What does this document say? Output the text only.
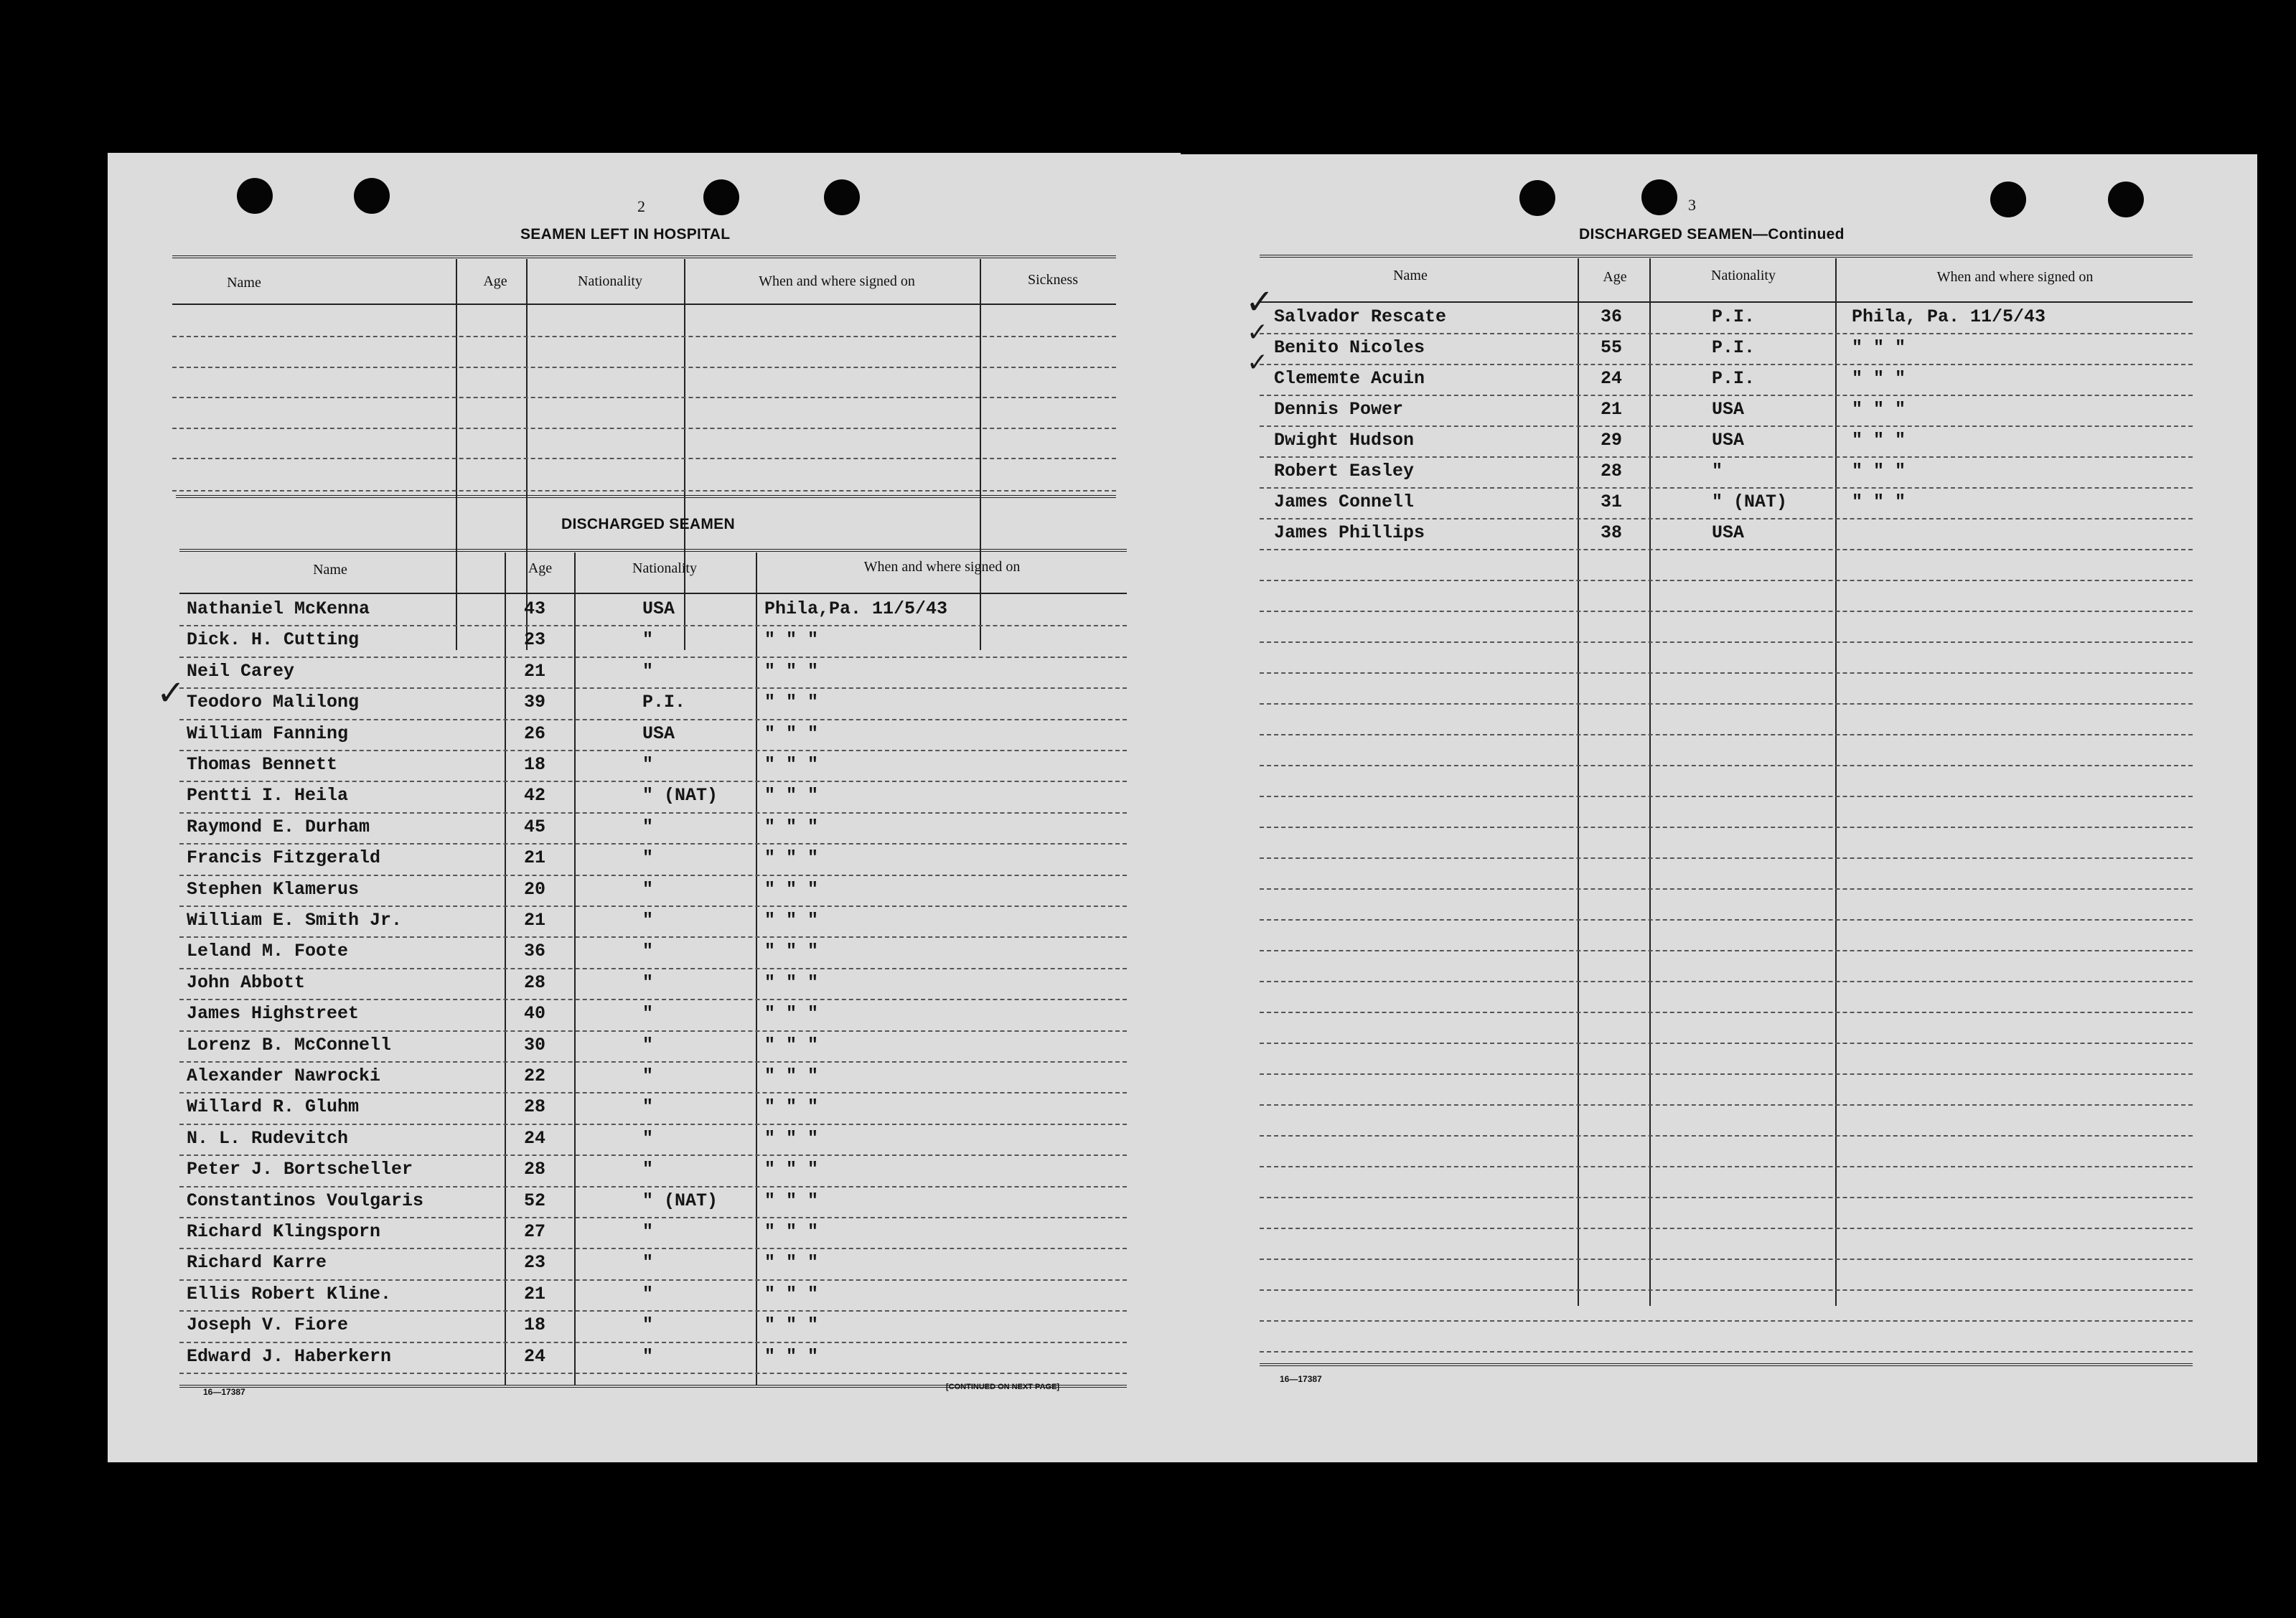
2
SEAMEN LEFT IN HOSPITAL
Name	Age	Nationality	When and where signed on	Sickness
DISCHARGED SEAMEN
Name	Age	Nationality	When and where signed on
Nathaniel McKenna	43	USA	Phila,Pa. 11/5/43
Dick. H. Cutting	23	"	" " "
Neil Carey	21	"	" " "
Teodoro Malilong	39	P.I.	" " "
William Fanning	26	USA	" " "
Thomas Bennett	18	"	" " "
Pentti I. Heila	42	" (NAT)	" " "
Raymond E. Durham	45	"	" " "
Francis Fitzgerald	21	"	" " "
Stephen Klamerus	20	"	" " "
William E. Smith Jr.	21	"	" " "
Leland M. Foote	36	"	" " "
John Abbott	28	"	" " "
James Highstreet	40	"	" " "
Lorenz B. McConnell	30	"	" " "
Alexander Nawrocki	22	"	" " "
Willard R. Gluhm	28	"	" " "
N. L. Rudevitch	24	"	" " "
Peter J. Bortscheller	28	"	" " "
Constantinos Voulgaris	52	" (NAT)	" " "
Richard Klingsporn	27	"	" " "
Richard Karre	23	"	" " "
Ellis Robert Kline.	21	"	" " "
Joseph V. Fiore	18	"	" " "
Edward J. Haberkern	24	"	" " "
✓
16—17387	[CONTINUED ON NEXT PAGE]
3
DISCHARGED SEAMEN—Continued
Name	Age	Nationality	When and where signed on
Salvador Rescate	36	P.I.	Phila, Pa. 11/5/43
Benito Nicoles	55	P.I.	" " "
Clememte Acuin	24	P.I.	" " "
Dennis Power	21	USA	" " "
Dwight Hudson	29	USA	" " "
Robert Easley	28	"	" " "
James Connell	31	" (NAT)	" " "
James Phillips	38	USA
✓
✓
✓
16—17387
